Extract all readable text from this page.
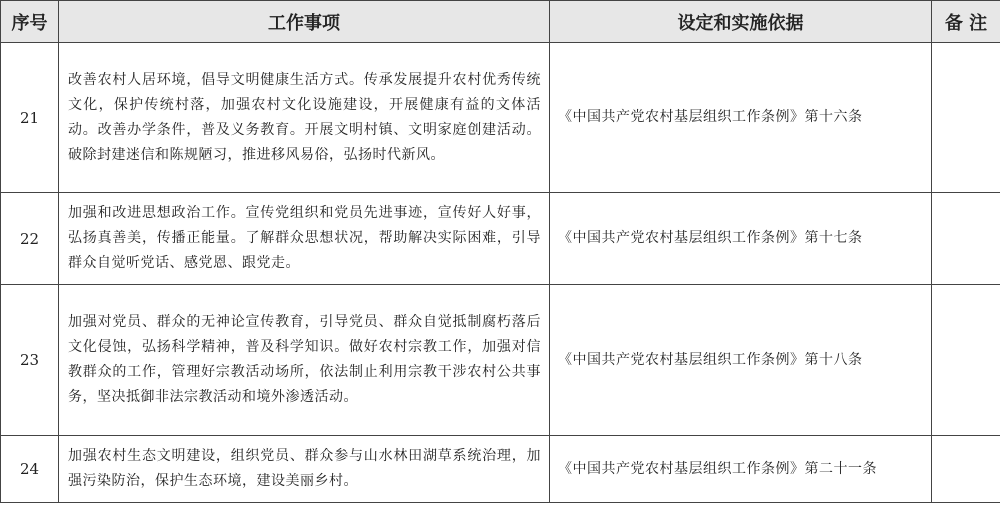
序号	工作事项	设定和实施依据	备 注
21	改善农村人居环境，倡导文明健康生活方式。传承发展提升农村优秀传统文化，保护传统村落，加强农村文化设施建设，开展健康有益的文体活动。改善办学条件，普及义务教育。开展文明村镇、文明家庭创建活动。破除封建迷信和陈规陋习，推进移风易俗，弘扬时代新风。	《中国共产党农村基层组织工作条例》第十六条	
22	加强和改进思想政治工作。宣传党组织和党员先进事迹，宣传好人好事，弘扬真善美，传播正能量。了解群众思想状况，帮助解决实际困难，引导群众自觉听党话、感党恩、跟党走。	《中国共产党农村基层组织工作条例》第十七条	
23	加强对党员、群众的无神论宣传教育，引导党员、群众自觉抵制腐朽落后文化侵蚀，弘扬科学精神，普及科学知识。做好农村宗教工作，加强对信教群众的工作，管理好宗教活动场所，依法制止利用宗教干涉农村公共事务，坚决抵御非法宗教活动和境外渗透活动。	《中国共产党农村基层组织工作条例》第十八条	
24	加强农村生态文明建设，组织党员、群众参与山水林田湖草系统治理，加强污染防治，保护生态环境，建设美丽乡村。	《中国共产党农村基层组织工作条例》第二十一条	
